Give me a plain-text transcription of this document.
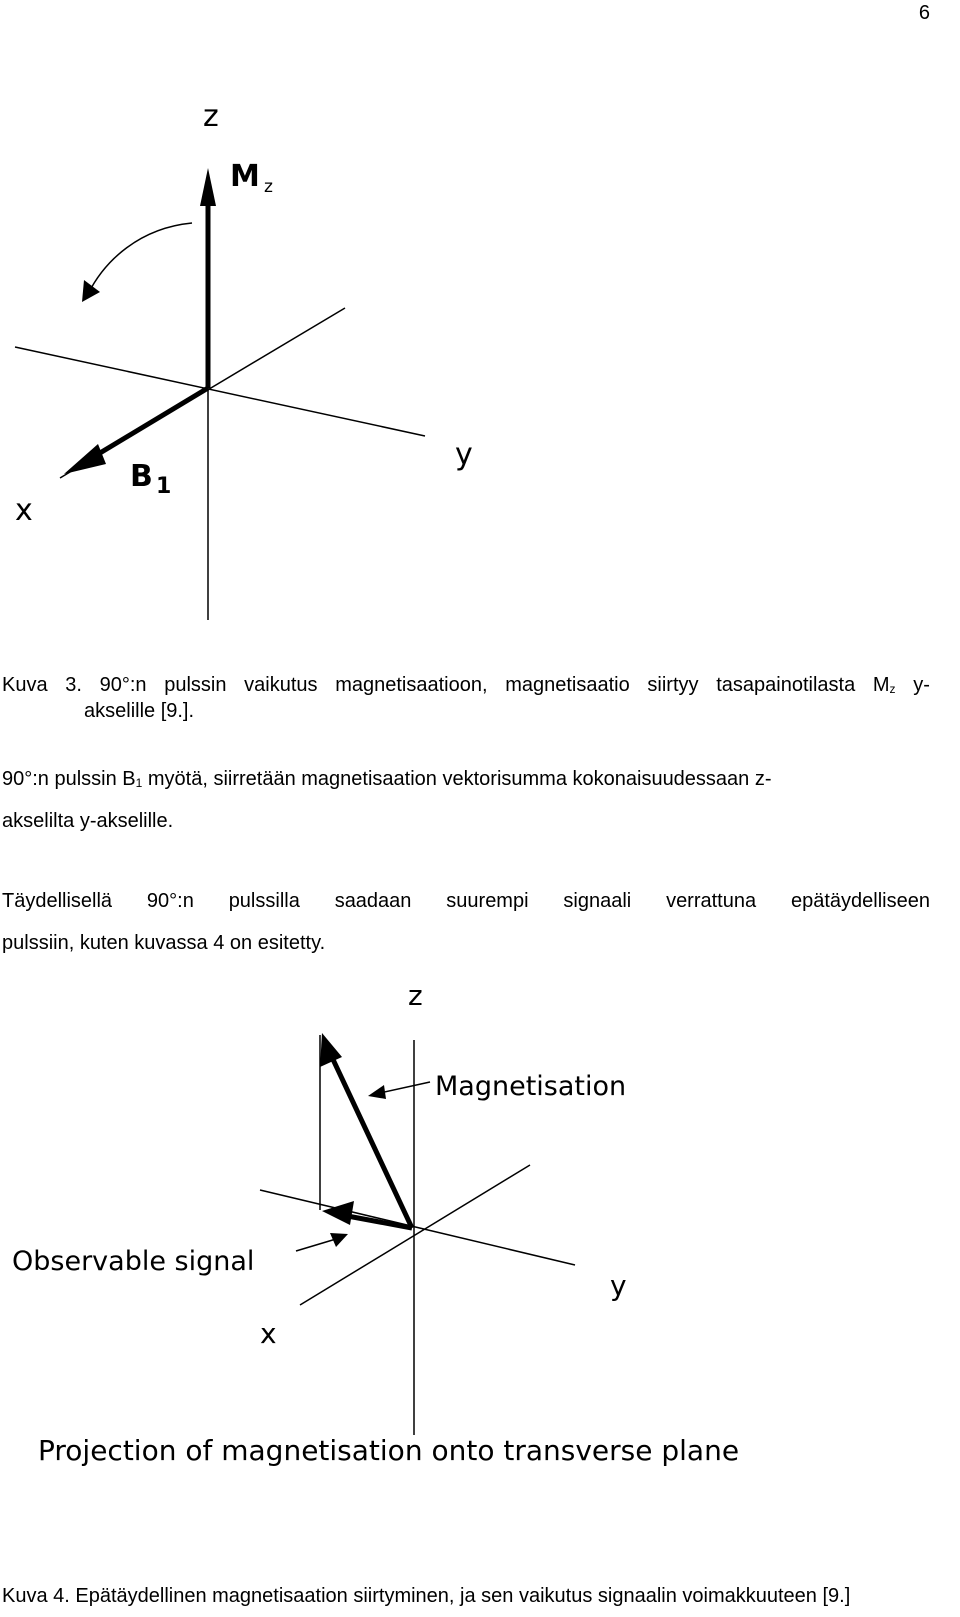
6
z
y
x
M z
B 1
Kuva 3. 90°:n pulssin vaikutus magnetisaatioon, magnetisaatio siirtyy tasapainotilasta $M_z$ y-
akselille [9.].
90°:n pulssin $B_1$ myötä, siirretään magnetisaation vektorisumma kokonaisuudessaan z-
akselilta y-akselille.
Täydellisellä 90°:n pulssilla saadaan suurempi signaali verrattuna epätäydelliseen
pulssiin, kuten kuvassa 4 on esitetty.
z
y
x
Magnetisation
Observable signal
Projection of magnetisation onto transverse plane
Kuva 4. Epätäydellinen magnetisaation siirtyminen, ja sen vaikutus signaalin voimakkuuteen [9.]
